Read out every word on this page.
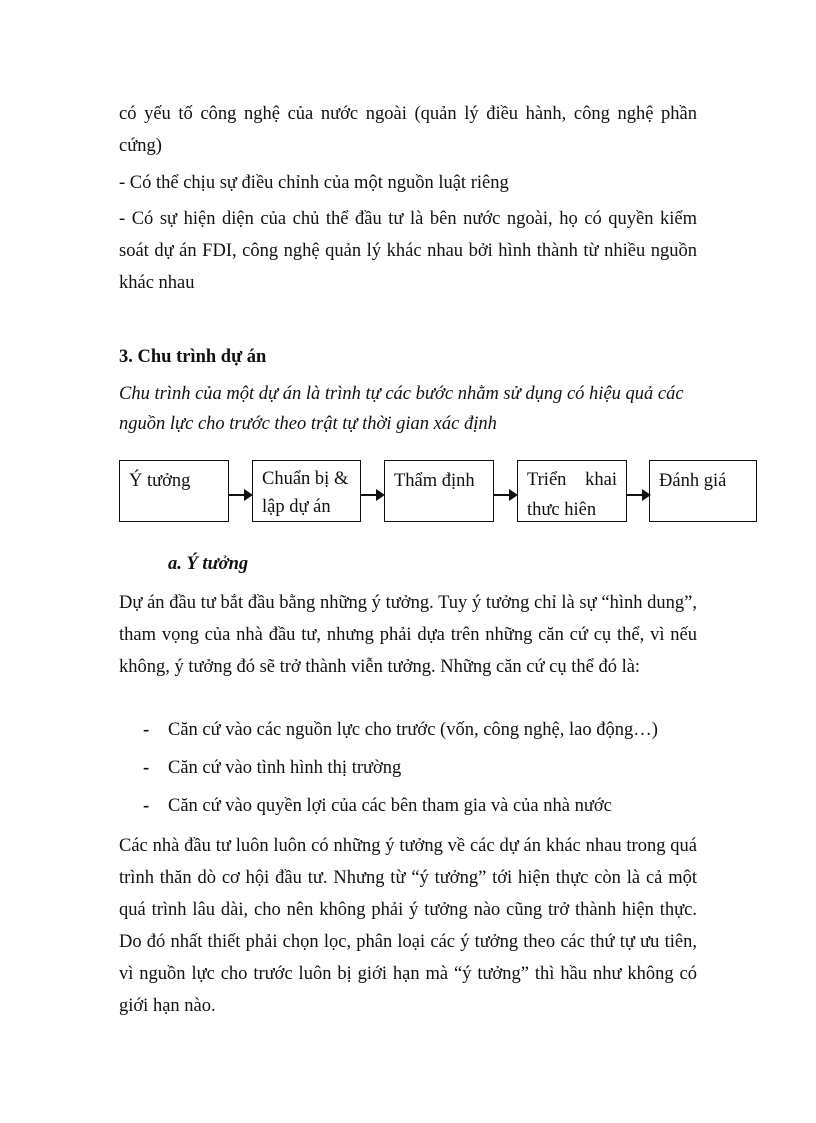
có yếu tố công nghệ của nước ngoài (quản lý điều hành, công nghệ phần cứng)

- Có thể chịu sự điều chỉnh của một nguồn luật riêng

- Có sự hiện diện của chủ thể đầu tư là bên nước ngoài, họ có quyền kiểm soát dự án FDI, công nghệ quản lý khác nhau bởi hình thành từ nhiều nguồn khác nhau

3. Chu trình dự án

Chu trình của một dự án là trình tự các bước nhằm sử dụng có hiệu quả các nguồn lực cho trước theo trật tự thời gian xác định

Ý tưởng	Chuẩn bị &
lập dự án
Thẩm định	Triển khai
thưc hiên
Đánh giá

a. Ý tưởng

Dự án đầu tư bắt đầu bằng những ý tưởng. Tuy ý tưởng chỉ là sự “hình dung”, tham vọng của nhà đầu tư, nhưng phải dựa trên những căn cứ cụ thể, vì nếu không, ý tưởng đó sẽ trở thành viễn tưởng. Những căn cứ cụ thể đó là:

- Căn cứ vào các nguồn lực cho trước (vốn, công nghệ, lao động…)

- Căn cứ vào tình hình thị trường

- Căn cứ vào quyền lợi của các bên tham gia và của nhà nước

Các nhà đầu tư luôn luôn có những ý tưởng về các dự án khác nhau trong quá trình thăn dò cơ hội đầu tư. Nhưng từ “ý tưởng” tới hiện thực còn là cả một quá trình lâu dài, cho nên không phải ý tưởng nào cũng trở thành hiện thực. Do đó nhất thiết phải chọn lọc, phân loại các ý tưởng theo các thứ tự ưu tiên, vì nguồn lực cho trước luôn bị giới hạn mà “ý tưởng” thì hầu như không có giới hạn nào.
